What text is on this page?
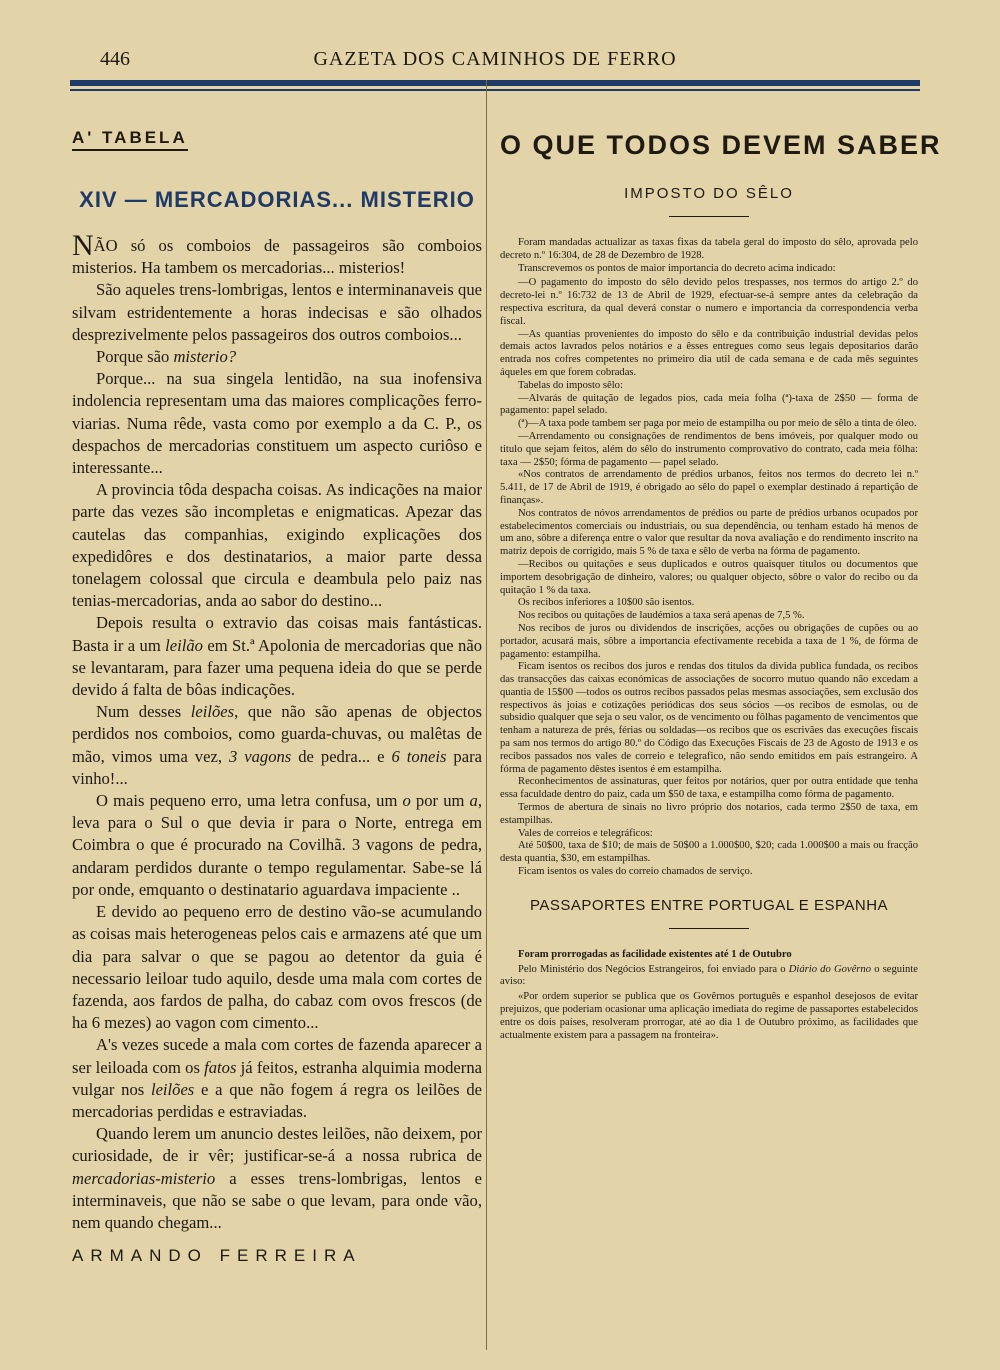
446	GAZETA DOS CAMINHOS DE FERRO
A' TABELA
XIV — MERCADORIAS... MISTERIO

NÃO só os comboios de passageiros são comboios misterios. Ha tambem os mercadorias... misterios!

São aqueles trens-lombrigas, lentos e interminanaveis que silvam estridentemente a horas indecisas e são olhados desprezivelmente pelos passageiros dos outros comboios...

Porque são misterio?

Porque... na sua singela lentidão, na sua inofensiva indolencia representam uma das maiores complicações ferro-viarias. Numa rêde, vasta como por exemplo a da C. P., os despachos de mercadorias constituem um aspecto curiôso e interessante...

A provincia tôda despacha coisas. As indicações na maior parte das vezes são incompletas e enigmaticas. Apezar das cautelas das companhias, exigindo explicações dos expedidôres e dos destinatarios, a maior parte dessa tonelagem colossal que circula e deambula pelo paiz nas tenias-mercadorias, anda ao sabor do destino...

Depois resulta o extravio das coisas mais fantásticas. Basta ir a um leilão em St.ª Apolonia de mercadorias que não se levantaram, para fazer uma pequena ideia do que se perde devido á falta de bôas indicações.

Num desses leilões, que não são apenas de objectos perdidos nos comboios, como guarda-chuvas, ou malêtas de mão, vimos uma vez, 3 vagons de pedra... e 6 toneis para vinho!...

O mais pequeno erro, uma letra confusa, um o por um a, leva para o Sul o que devia ir para o Norte, entrega em Coimbra o que é procurado na Covilhã. 3 vagons de pedra, andaram perdidos durante o tempo regulamentar. Sabe-se lá por onde, emquanto o destinatario aguardava impaciente ..

E devido ao pequeno erro de destino vão-se acumulando as coisas mais heterogeneas pelos cais e armazens até que um dia para salvar o que se pagou ao detentor da guia é necessario leiloar tudo aquilo, desde uma mala com cortes de fazenda, aos fardos de palha, do cabaz com ovos frescos (de ha 6 mezes) ao vagon com cimento...

A's vezes sucede a mala com cortes de fazenda aparecer a ser leiloada com os fatos já feitos, estranha alquimia moderna vulgar nos leilões e a que não fogem á regra os leilões de mercadorias perdidas e estraviadas.

Quando lerem um anuncio destes leilões, não deixem, por curiosidade, de ir vêr; justificar-se-á a nossa rubrica de mercadorias-misterio a esses trens-lombrigas, lentos e interminaveis, que não se sabe o que levam, para onde vão, nem quando chegam...

ARMANDO FERREIRA
O QUE TODOS DEVEM SABER
IMPOSTO DO SÊLO

Foram mandadas actualizar as taxas fixas da tabela geral do imposto do sêlo, aprovada pelo decreto n.º 16:304, de 28 de Dezembro de 1928.

Transcrevemos os pontos de maior importancia do decreto acima indicado:

—O pagamento do imposto do sêlo devido pelos trespasses, nos termos do artigo 2.º do decreto-lei n.º 16:732 de 13 de Abril de 1929, efectuar-se-á sempre antes da celebração da respectiva escritura, da qual deverá constar o numero e importancia da correspondencia verba fiscal.

—As quantias provenientes do imposto do sêlo e da contribuição industrial devidas pelos demais actos lavrados pelos notários e a êsses entregues como seus legais depositarios darão entrada nos cofres competentes no primeiro dia util de cada semana e de cada mês seguintes áqueles em que forem cobradas.

Tabelas do imposto sêlo:

—Alvarás de quitação de legados pios, cada meia folha (ª)-taxa de 2$50 — forma de pagamento: papel selado.

(ª)—A taxa pode tambem ser paga por meio de estampilha ou por meio de sêlo a tinta de óleo.

—Arrendamento ou consignações de rendimentos de bens imóveis, por qualquer modo ou titulo que sejam feitos, além do sêlo do instrumento comprovativo do contrato, cada meia fôlha: taxa — 2$50; fórma de pagamento — papel selado.

«Nos contratos de arrendamento de prédios urbanos, feitos nos termos do decreto lei n.º 5.411, de 17 de Abril de 1919, é obrigado ao sêlo do papel o exemplar destinado á repartição de finanças».

Nos contratos de nóvos arrendamentos de prédios ou parte de prédios urbanos ocupados por estabelecimentos comerciais ou industriais, ou sua dependência, ou tenham estado há menos de um ano, sôbre a diferença entre o valor que resultar da nova avaliação e do rendimento inscrito na matriz depois de corrigido, mais 5 % de taxa e sêlo de verba na fórma de pagamento.

—Recibos ou quitações e seus duplicados e outros quaisquer titulos ou documentos que importem desobrigação de dinheiro, valores; ou qualquer objecto, sôbre o valor do recibo ou da quitação 1 % da taxa.

Os recibos inferiores a 10$00 são isentos.

Nos recibos ou quitações de laudémios a taxa será apenas de 7,5 %.

Nos recibos de juros ou dividendos de inscrições, acções ou obrigações de cupões ou ao portador, acusará mais, sôbre a importancia efectivamente recebida a taxa de 1 %, de fórma de pagamento: estampilha.

Ficam isentos os recibos dos juros e rendas dos titulos da divida publica fundada, os recibos das transacções das caixas económicas de associações de socorro mutuo quando não excedam a quantia de 15$00 —todos os outros recibos passados pelas mesmas associações, sem exclusão dos respectivos ás joias e cotizações periódicas dos seus sócios —os recibos de esmolas, ou de subsidio qualquer que seja o seu valor, os de vencimento ou fôlhas pagamento de vencimentos que tenham a natureza de prés, férias ou soldadas—os recibos que os escrivães das execuções fiscais pa sam nos termos do artigo 80.º do Código das Execuções Fiscais de 23 de Agosto de 1913 e os recibos passados nos vales de correio e telegrafico, não sendo emitidos em país estrangeiro. A fórma de pagamento dêstes isentos é em estampilha.

Reconhecimentos de assinaturas, quer feitos por notários, quer por outra entidade que tenha essa faculdade dentro do paiz, cada um $50 de taxa, e estampilha como fórma de pagamento.

Termos de abertura de sinais no livro próprio dos notarios, cada termo 2$50 de taxa, em estampilhas.

Vales de correios e telegráficos:

Até 50$00, taxa de $10; de mais de 50$00 a 1.000$00, $20; cada 1.000$00 a mais ou fracção desta quantia, $30, em estampilhas.

Ficam isentos os vales do correio chamados de serviço.

PASSAPORTES ENTRE PORTUGAL E ESPANHA

Foram prorrogadas as facilidade existentes até 1 de Outubro

Pelo Ministério dos Negócios Estrangeiros, foi enviado para o Diário do Govêrno o seguinte aviso:

«Por ordem superior se publica que os Govêrnos português e espanhol desejosos de evitar prejuizos, que poderiam ocasionar uma aplicação imediata do regime de passaportes estabelecidos entre os dois países, resolveram prorrogar, até ao dia 1 de Outubro próximo, as facilidades que actualmente existem para a passagem na fronteira».
